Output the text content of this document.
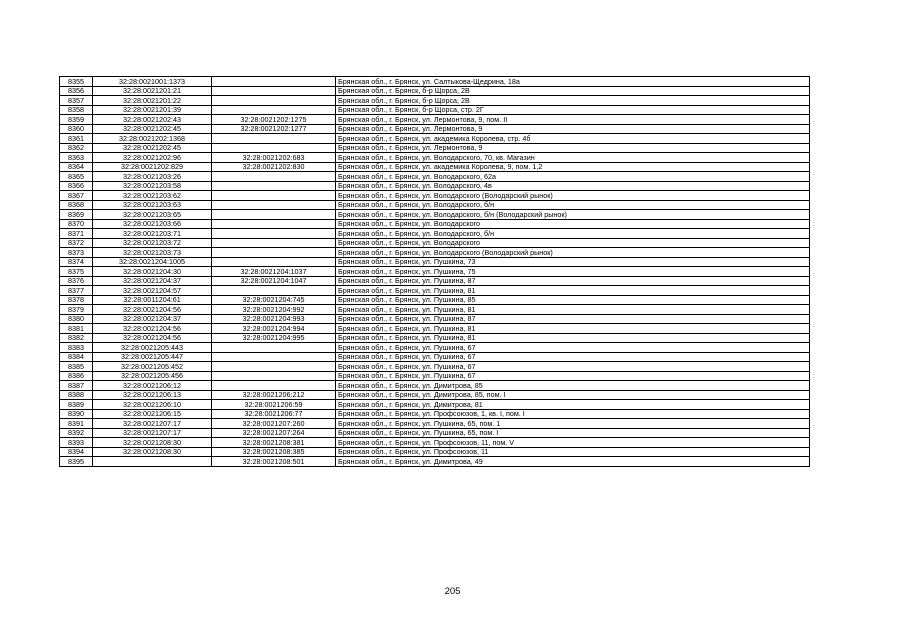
8355	32:28:0021001:1373		Брянская обл., г. Брянск, ул. Салтыкова-Щедрина, 18а
8356	32:28:0021201:21		Брянская обл., г. Брянск, б-р Щорса, 2В
8357	32:28:0021201:22		Брянская обл., г. Брянск, б-р Щорса, 2В
8358	32:28:0021201:39		Брянская обл., г. Брянск, б-р Щорса, стр. 2Г
8359	32:28:0021202:43	32:28:0021202:1275	Брянская обл., г. Брянск, ул. Лермонтова, 9, пом. II
8360	32:28:0021202:45	32:28:0021202:1277	Брянская обл., г. Брянск, ул. Лермонтова, 9
8361	32:28:0021202:1368		Брянская обл., г. Брянск, ул. академика Королева, стр. 4б
8362	32:28:0021202:45		Брянская обл., г. Брянск, ул. Лермонтова, 9
8363	32:28:0021202:96	32:28:0021202:683	Брянская обл., г. Брянск, ул. Володарского, 70, кв. Магазин
8364	32:28:0021202:829	32:28:0021202:830	Брянская обл., г. Брянск, ул. академика Королева, 9, пом. 1,2
8365	32:28:0021203:26		Брянская обл., г. Брянск, ул. Володарского, 62а
8366	32:28:0021203:58		Брянская обл., г. Брянск, ул. Володарского, 4в
8367	32:28:0021203:62		Брянская обл., г. Брянск, ул. Володарского (Володарский рынок)
8368	32:28:0021203:63		Брянская обл., г. Брянск, ул. Володарского, б/н
8369	32:28:0021203:65		Брянская обл., г. Брянск, ул. Володарского, б/н (Володарский рынок)
8370	32:28:0021203:66		Брянская обл., г. Брянск, ул. Володарского
8371	32:28:0021203:71		Брянская обл., г. Брянск, ул. Володарского, б/н
8372	32:28:0021203:72		Брянская обл., г. Брянск, ул. Володарского
8373	32:28:0021203:73		Брянская обл., г. Брянск, ул. Володарского (Володарский рынок)
8374	32:28:0021204:1005		Брянская обл., г. Брянск, ул. Пушкина, 73
8375	32:28:0021204:30	32:28:0021204:1037	Брянская обл., г. Брянск, ул. Пушкина, 75
8376	32:28:0021204:37	32:28:0021204:1047	Брянская обл., г. Брянск, ул. Пушкина, 87
8377	32:28:0021204:57		Брянская обл., г. Брянск, ул. Пушкина, 81
8378	32:28:0011204:61	32:28:0021204:745	Брянская обл., г. Брянск, ул. Пушкина, 85
8379	32:28:0021204:56	32:28:0021204:992	Брянская обл., г. Брянск, ул. Пушкина, 81
8380	32:28:0021204:37	32:28:0021204:993	Брянская обл., г. Брянск, ул. Пушкина, 87
8381	32:28:0021204:56	32:28:0021204:994	Брянская обл., г. Брянск, ул. Пушкина, 81
8382	32:28:0021204:56	32:28:0021204:995	Брянская обл., г. Брянск, ул. Пушкина, 81
8383	32:28:0021205:443		Брянская обл., г. Брянск, ул. Пушкина, 67
8384	32:28:0021205:447		Брянская обл., г. Брянск, ул. Пушкина, 67
8385	32:28:0021205:452		Брянская обл., г. Брянск, ул. Пушкина, 67
8386	32:28:0021205:456		Брянская обл., г. Брянск, ул. Пушкина, 67
8387	32:28:0021206:12		Брянская обл., г. Брянск, ул. Димитрова, 85
8388	32:28:0021206:13	32:28:0021206:212	Брянская обл., г. Брянск, ул. Димитрова, 85, пом. I
8389	32:28:0021206:10	32:28:0021206:59	Брянская обл., г. Брянск, ул. Димитрова, 81
8390	32:28:0021206:15	32:28:0021206:77	Брянская обл., г. Брянск, ул. Профсоюзов, 1, кв. I, пом. I
8391	32:28:0021207:17	32:28:0021207:260	Брянская обл., г. Брянск, ул. Пушкина, 65, пом. 1
8392	32:28:0021207:17	32:28:0021207:264	Брянская обл., г. Брянск, ул. Пушкина, 65, пом. I
8393	32:28:0021208:30	32:28:0021208:381	Брянская обл., г. Брянск, ул. Профсоюзов, 11, пом. V
8394	32:28:0021208:30	32:28:0021208:385	Брянская обл., г. Брянск, ул. Профсоюзов, 11
8395		32:28:0021208:501	Брянская обл., г. Брянск, ул. Димитрова, 49
205
